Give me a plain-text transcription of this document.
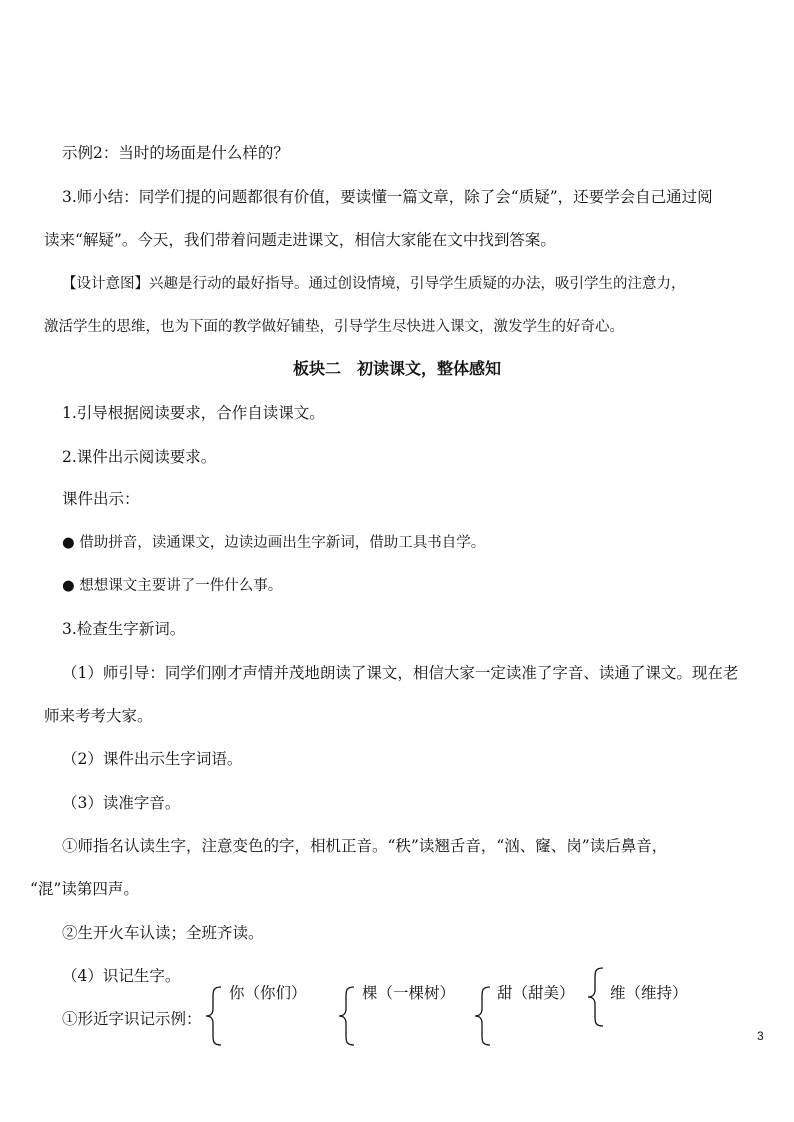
示例2：当时的场面是什么样的？
3.师小结：同学们提的问题都很有价值，要读懂一篇文章，除了会“质疑”，还要学会自己通过阅
读来“解疑”。今天，我们带着问题走进课文，相信大家能在文中找到答案。
【设计意图】兴趣是行动的最好指导。通过创设情境，引导学生质疑的办法，吸引学生的注意力，
激活学生的思维，也为下面的教学做好铺垫，引导学生尽快进入课文，激发学生的好奇心。
板块二　初读课文，整体感知
1.引导根据阅读要求，合作自读课文。
2.课件出示阅读要求。
课件出示：
● 借助拼音，读通课文，边读边画出生字新词，借助工具书自学。
● 想想课文主要讲了一件什么事。
3.检查生字新词。
（1）师引导：同学们刚才声情并茂地朗读了课文，相信大家一定读准了字音、读通了课文。现在老
师来考考大家。
（2）课件出示生字词语。
（3）读准字音。
①师指名认读生字，注意变色的字，相机正音。“秩”读翘舌音，“汹、窿、岗”读后鼻音，
“混”读第四声。
②生开火车认读；全班齐读。
（4）识记生字。
①形近字识记示例：
你（你们）	棵（一棵树）	甜（甜美） 维（维持）
3
